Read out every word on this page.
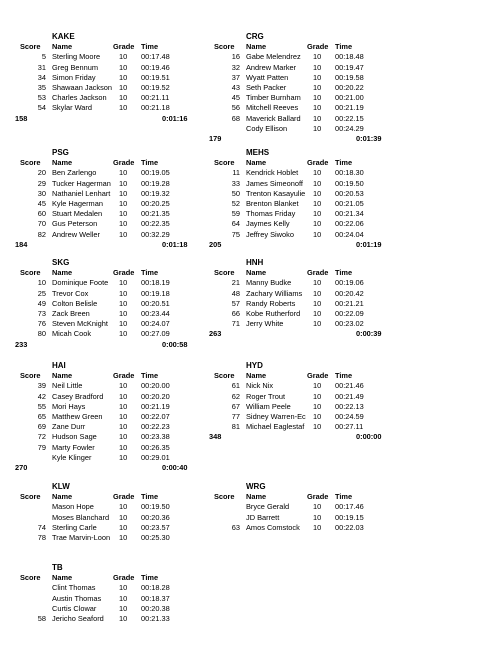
KAKE
Score Name	Grade Time
5 Sterling Moore	10 00:17.48
31 Greg Bennum	10 00:19.46
34 Simon Friday	10 00:19.51
35 Shawaan Jackson 10 00:19.52
53 Charles Jackson	10 00:21.11
54 Skylar Ward	10 00:21.18
158	0:01:16
CRG
Score Name	Grade Time
16 Gabe Melendrez	10 00:18.48
32 Andrew Marker	10 00:19.47
37 Wyatt Patten	10 00:19.58
43 Seth Packer	10 00:20.22
45 Timber Burnham	10 00:21.00
56 Mitchell Reeves	10 00:21.19
68 Maverick Ballard	10 00:22.15
Cody Ellison	10 00:24.29
179	0:01:39
PSG
Score Name	Grade Time
20 Ben Zarlengo	10 00:19.05
29 Tucker Hagerman	10 00:19.28
30 Nathaniel Lenhart	10 00:19.32
45 Kyle Hagerman	10 00:20.25
60 Stuart Medalen	10 00:21.35
70 Gus Peterson	10 00:22.35
82 Andrew Weller	10 00:32.29
184	0:01:18
MEHS
Score Name	Grade Time
11 Kendrick Hoblet	10 00:18.30
33 James Simeonoff	10 00:19.50
50 Trenton Kasayulie	10 00:20.53
52 Brenton Blanket	10 00:21.05
59 Thomas Friday	10 00:21.34
64 Jaymes Kelly	10 00:22.06
75 Jeffrey Siwoko	10 00:24.04
205	0:01:19
SKG
Score Name	Grade Time
10 Dominique Foote	10 00:18.19
25 Trevor Cox	10 00:19.18
49 Colton Belisle	10 00:20.51
73 Zack Breen	10 00:23.44
76 Steven McKnight	10 00:24.07
80 Micah Cook	10 00:27.09
233	0:00:58
HNH
Score Name	Grade Time
21 Manny Budke	10 00:19.06
48 Zachary Williams	10 00:20.42
57 Randy Roberts	10 00:21.21
66 Kobe Rutherford	10 00:22.09
71 Jerry White	10 00:23.02
263	0:00:39
HAI
Score Name	Grade Time
39 Neil Little	10 00:20.00
42 Casey Bradford	10 00:20.20
55 Mori Hays	10 00:21.19
65 Matthew Green	10 00:22.07
69 Zane Durr	10 00:22.23
72 Hudson Sage	10 00:23.38
79 Marty Fowler	10 00:26.35
Kyle Klinger	10 00:29.01
270	0:00:40
HYD
Score Name	Grade Time
61 Nick Nix	10 00:21.46
62 Roger Trout	10 00:21.49
67 William Peele	10 00:22.13
77 Sidney Warren-Ec 10 00:24.59
81 Michael Eaglestaf	10 00:27.11
348	0:00:00
KLW
Score Name	Grade Time
Mason Hope	10 00:19.50
Moses Blanchard	10 00:20.36
74 Sterling Carle	10 00:23.57
78 Trae Marvin-Loon	10 00:25.30
WRG
Score Name	Grade Time
Bryce Gerald	10 00:17.46
JD Barrett	10 00:19.15
63 Amos Comstock	10 00:22.03
TB
Score Name	Grade Time
Clint Thomas	10 00:18.28
Austin Thomas	10 00:18.37
Curtis Clowar	10 00:20.38
58 Jericho Seaford	10 00:21.33
